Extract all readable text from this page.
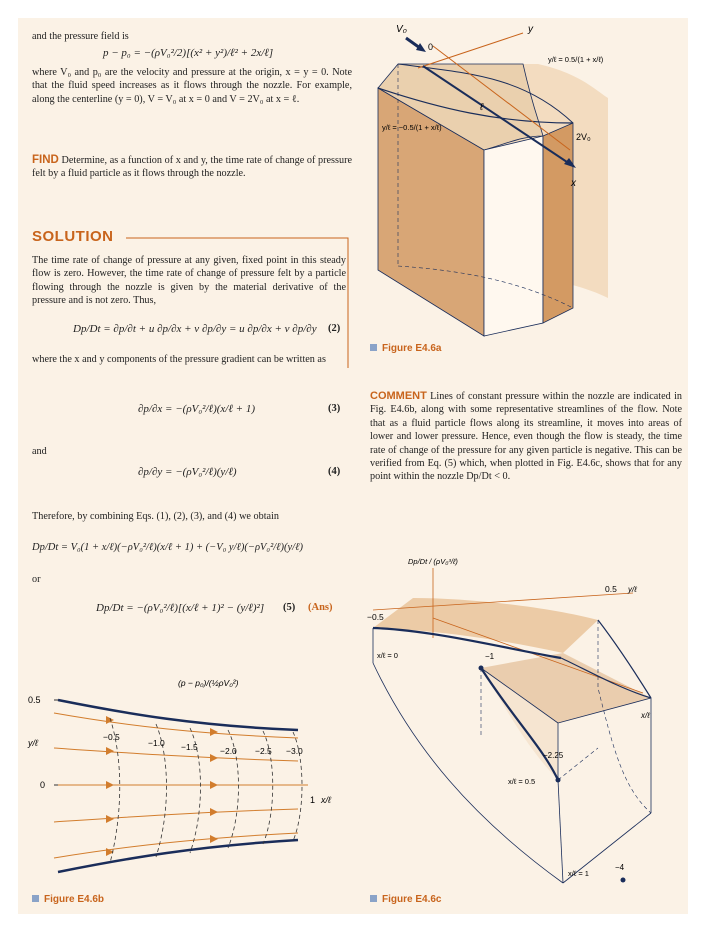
and the pressure field is
p − p₀ = −(ρV₀²/2)[(x² + y²)/ℓ² + 2x/ℓ]
where V₀ and p₀ are the velocity and pressure at the origin, x = y = 0. Note that the fluid speed increases as it flows through the nozzle. For example, along the centerline (y = 0), V = V₀ at x = 0 and V = 2V₀ at x = ℓ.
FIND Determine, as a function of x and y, the time rate of change of pressure felt by a fluid particle as it flows through the nozzle.
SOLUTION
The time rate of change of pressure at any given, fixed point in this steady flow is zero. However, the time rate of change of pressure felt by a particle flowing through the nozzle is given by the material derivative of the pressure and is not zero. Thus,
Dp/Dt = ∂p/∂t + u ∂p/∂x + v ∂p/∂y = u ∂p/∂x + v ∂p/∂y (2)
where the x and y components of the pressure gradient can be written as
∂p/∂x = −(ρV₀²/ℓ)(x/ℓ + 1)	(3)
and
∂p/∂y = −(ρV₀²/ℓ)(y/ℓ)	(4)
Therefore, by combining Eqs. (1), (2), (3), and (4) we obtain
Dp/Dt = V₀(1 + x/ℓ)(−ρV₀²/ℓ)(x/ℓ + 1) + (−V₀ y/ℓ)(−ρV₀²/ℓ)(y/ℓ)
or
Dp/Dt = −(ρV₀²/ℓ)[(x/ℓ + 1)² − (y/ℓ)²] (5) (Ans)
0.5
0
y/ℓ
1 x/ℓ
(p − p₀)/(½ρV₀²)
−0.5
−1.0 −1.5	−2.0 −2.5 −3.0
Figure E4.6b
V₀
0
y
x
ℓ
2V₀
y/ℓ = 0.5/(1 + x/ℓ)
y/ℓ = −0.5/(1 + x/ℓ)
Figure E4.6a
COMMENT Lines of constant pressure within the nozzle are indicated in Fig. E4.6b, along with some representative streamlines of the flow. Note that as a fluid particle flows along its streamline, it moves into areas of lower and lower pressure. Hence, even though the flow is steady, the time rate of change of the pressure for any given particle is negative. This can be verified from Eq. (5) which, when plotted in Fig. E4.6c, shows that for any point within the nozzle Dp/Dt < 0.
Dp/Dt / (ρV₀³/ℓ)
0.5 y/ℓ
−0.5
x/ℓ
x/ℓ = 0	−1
−2.25
x/ℓ = 0.5
x/ℓ = 1
−4
Figure E4.6c
